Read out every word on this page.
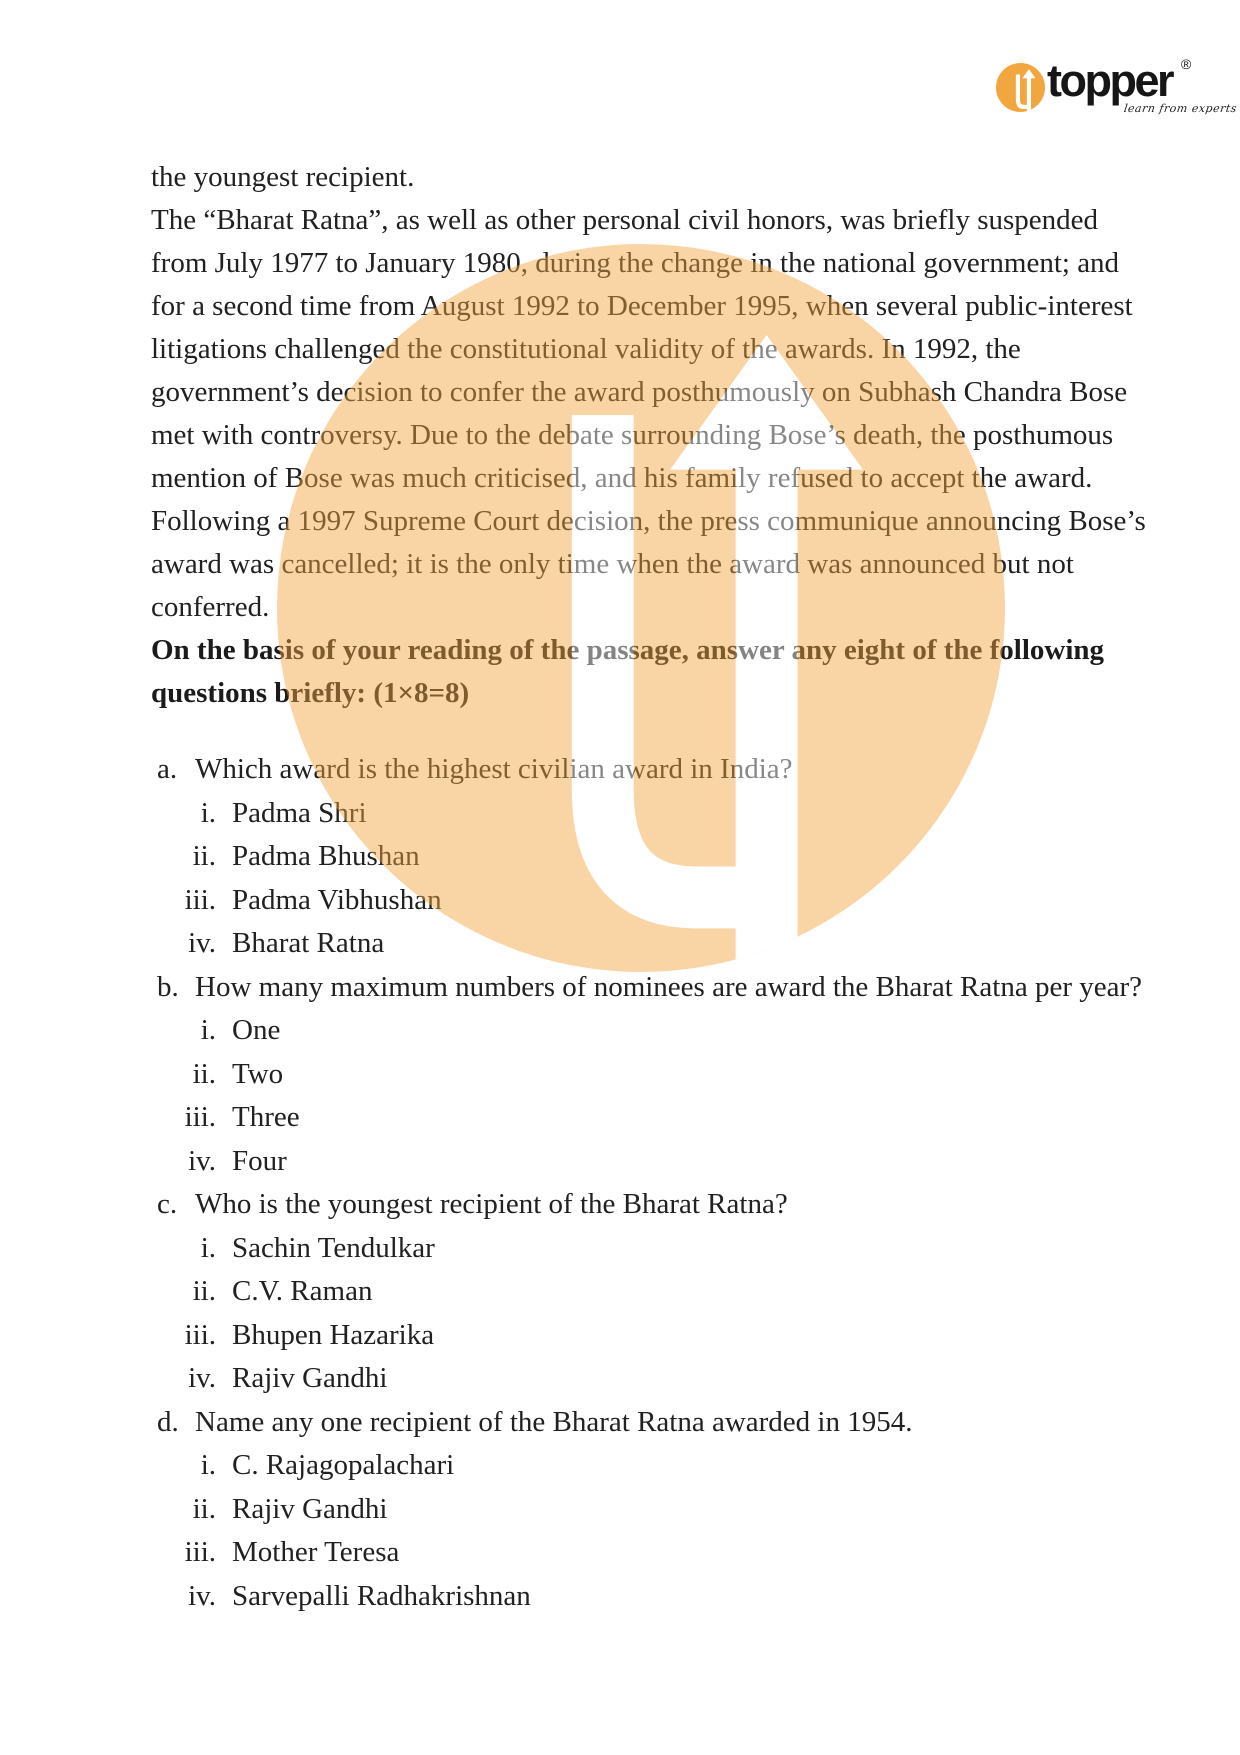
topper ®
learn from experts
the youngest recipient.
The “Bharat Ratna”, as well as other personal civil honors, was briefly suspended
from July 1977 to January 1980, during the change in the national government; and
for a second time from August 1992 to December 1995, when several public-interest
litigations challenged the constitutional validity of the awards. In 1992, the
government’s decision to confer the award posthumously on Subhash Chandra Bose
met with controversy. Due to the debate surrounding Bose’s death, the posthumous
mention of Bose was much criticised, and his family refused to accept the award.
Following a 1997 Supreme Court decision, the press communique announcing Bose’s
award was cancelled; it is the only time when the award was announced but not
conferred.
On the basis of your reading of the passage, answer any eight of the following
questions briefly: (1×8=8)
a. Which award is the highest civilian award in India?
i. Padma Shri
ii. Padma Bhushan
iii. Padma Vibhushan
iv. Bharat Ratna
b. How many maximum numbers of nominees are award the Bharat Ratna per year?
i. One
ii. Two
iii. Three
iv. Four
c. Who is the youngest recipient of the Bharat Ratna?
i. Sachin Tendulkar
ii. C.V. Raman
iii. Bhupen Hazarika
iv. Rajiv Gandhi
d. Name any one recipient of the Bharat Ratna awarded in 1954.
i. C. Rajagopalachari
ii. Rajiv Gandhi
iii. Mother Teresa
iv. Sarvepalli Radhakrishnan
